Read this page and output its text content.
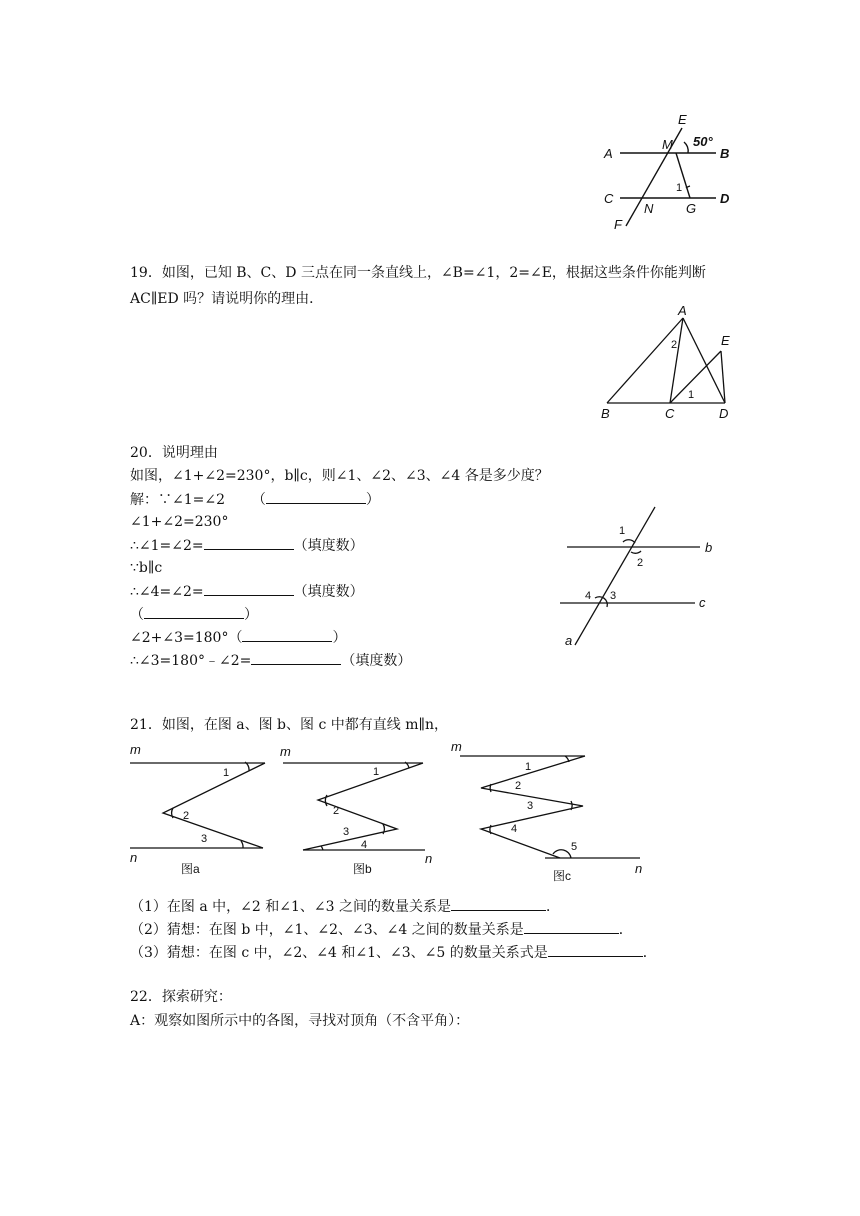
E
M 50°
A	B
C	D
N	G
F
1
19．如图，已知 B、C、D 三点在同一条直线上，∠B=∠1，2=∠E，根据这些条件你能判断
AC∥ED 吗？请说明你的理由．
A
E
2
1
B	C	D
20．说明理由
如图，∠1+∠2=230°，b∥c，则∠1、∠2、∠3、∠4 各是多少度？
解：∵∠1=∠2 （	）
∠1+∠2=230°
∴∠1=∠2=	（填度数）
∵b∥c
∴∠4=∠2=	（填度数）
（	）
∠2+∠3=180°（	）
∴∠3=180°﹣∠2=	（填度数）
1
2
3
4
b
c
a
21．如图，在图 a、图 b、图 c 中都有直线 m∥n，
m
n
1
2
3
图a
m
n
1
2
3
4
图b
m
n
1
2
3
4
5
图c
（1）在图 a 中，∠2 和∠1、∠3 之间的数量关系是	．
（2）猜想：在图 b 中，∠1、∠2、∠3、∠4 之间的数量关系是	．
（3）猜想：在图 c 中，∠2、∠4 和∠1、∠3、∠5 的数量关系式是	．
22．探索研究：
A：观察如图所示中的各图，寻找对顶角（不含平角）：
